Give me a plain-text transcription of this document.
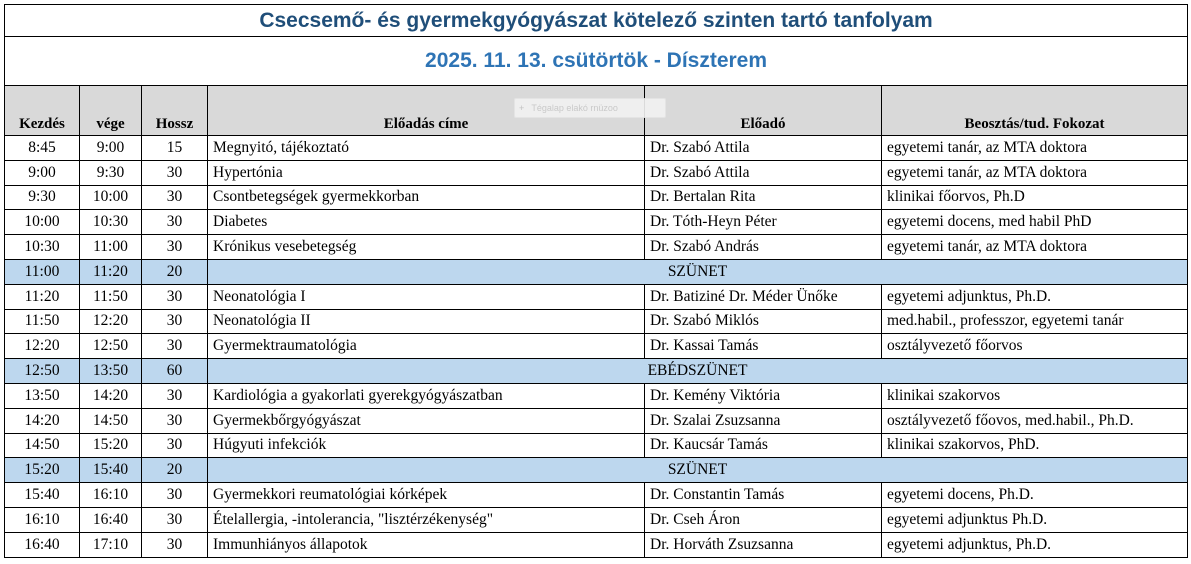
Csecsemő- és gyermekgyógyászat kötelező szinten tartó tanfolyam					
2025. 11. 13. csütörtök - Díszterem					
Kezdés	vége	Hossz	Előadás címe	Előadó	Beosztás/tud. Fokozat
8:45	9:00	15	Megnyitó, tájékoztató	Dr. Szabó Attila	egyetemi tanár, az MTA doktora
9:00	9:30	30	Hypertónia	Dr. Szabó Attila	egyetemi tanár, az MTA doktora
9:30	10:00	30	Csontbetegségek gyermekkorban	Dr. Bertalan Rita	klinikai főorvos, Ph.D
10:00	10:30	30	Diabetes	Dr. Tóth-Heyn Péter	egyetemi docens, med habil PhD
10:30	11:00	30	Krónikus vesebetegség	Dr. Szabó András	egyetemi tanár, az MTA doktora
11:00	11:20	20	SZÜNET		
11:20	11:50	30	Neonatológia I	Dr. Batiziné Dr. Méder Ünőke	egyetemi adjunktus, Ph.D.
11:50	12:20	30	Neonatológia II	Dr. Szabó Miklós	med.habil., professzor, egyetemi tanár
12:20	12:50	30	Gyermektraumatológia	Dr. Kassai Tamás	osztályvezető főorvos
12:50	13:50	60	EBÉDSZÜNET		
13:50	14:20	30	Kardiológia a gyakorlati gyerekgyógyászatban	Dr. Kemény Viktória	klinikai szakorvos
14:20	14:50	30	Gyermekbőrgyógyászat	Dr. Szalai Zsuzsanna	osztályvezető főovos, med.habil., Ph.D.
14:50	15:20	30	Húgyuti infekciók	Dr. Kaucsár Tamás	klinikai szakorvos, PhD.
15:20	15:40	20	SZÜNET		
15:40	16:10	30	Gyermekkori reumatológiai kórképek	Dr. Constantin Tamás	egyetemi docens, Ph.D.
16:10	16:40	30	Ételallergia, -intolerancia, "lisztérzékenység"	Dr. Cseh Áron	egyetemi adjunktus Ph.D.
16:40	17:10	30	Immunhiányos állapotok	Dr. Horváth Zsuzsanna	egyetemi adjunktus, Ph.D.
+ Tégalap elakó rnüzoo
